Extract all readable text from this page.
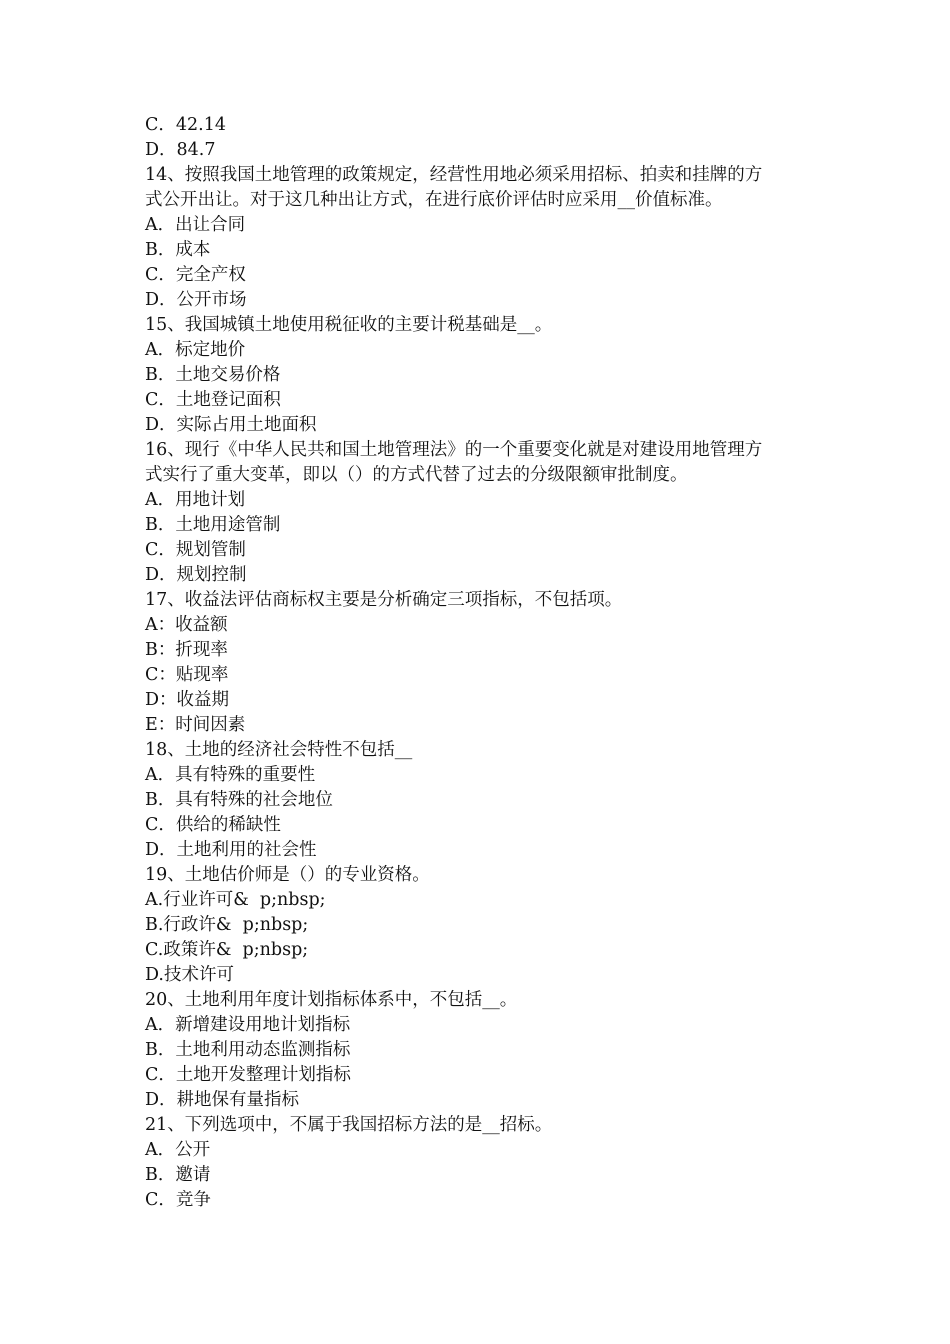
C．42.14
D．84.7
14、按照我国土地管理的政策规定，经营性用地必须采用招标、拍卖和挂牌的方
式公开出让。对于这几种出让方式，在进行底价评估时应采用__价值标准。
A．出让合同
B．成本
C．完全产权
D．公开市场
15、我国城镇土地使用税征收的主要计税基础是__。
A．标定地价
B．土地交易价格
C．土地登记面积
D．实际占用土地面积
16、现行《中华人民共和国土地管理法》的一个重要变化就是对建设用地管理方
式实行了重大变革，即以（）的方式代替了过去的分级限额审批制度。
A．用地计划
B．土地用途管制
C．规划管制
D．规划控制
17、收益法评估商标权主要是分析确定三项指标，不包括项。
A：收益额
B：折现率
C：贴现率
D：收益期
E：时间因素
18、土地的经济社会特性不包括__
A．具有特殊的重要性
B．具有特殊的社会地位
C．供给的稀缺性
D．土地利用的社会性
19、土地估价师是（）的专业资格。
A.行业许可&  p;nbsp;
B.行政许&  p;nbsp;
C.政策许&  p;nbsp;
D.技术许可
20、土地利用年度计划指标体系中，不包括__。
A．新增建设用地计划指标
B．土地利用动态监测指标
C．土地开发整理计划指标
D．耕地保有量指标
21、下列选项中，不属于我国招标方法的是__招标。
A．公开
B．邀请
C．竞争
